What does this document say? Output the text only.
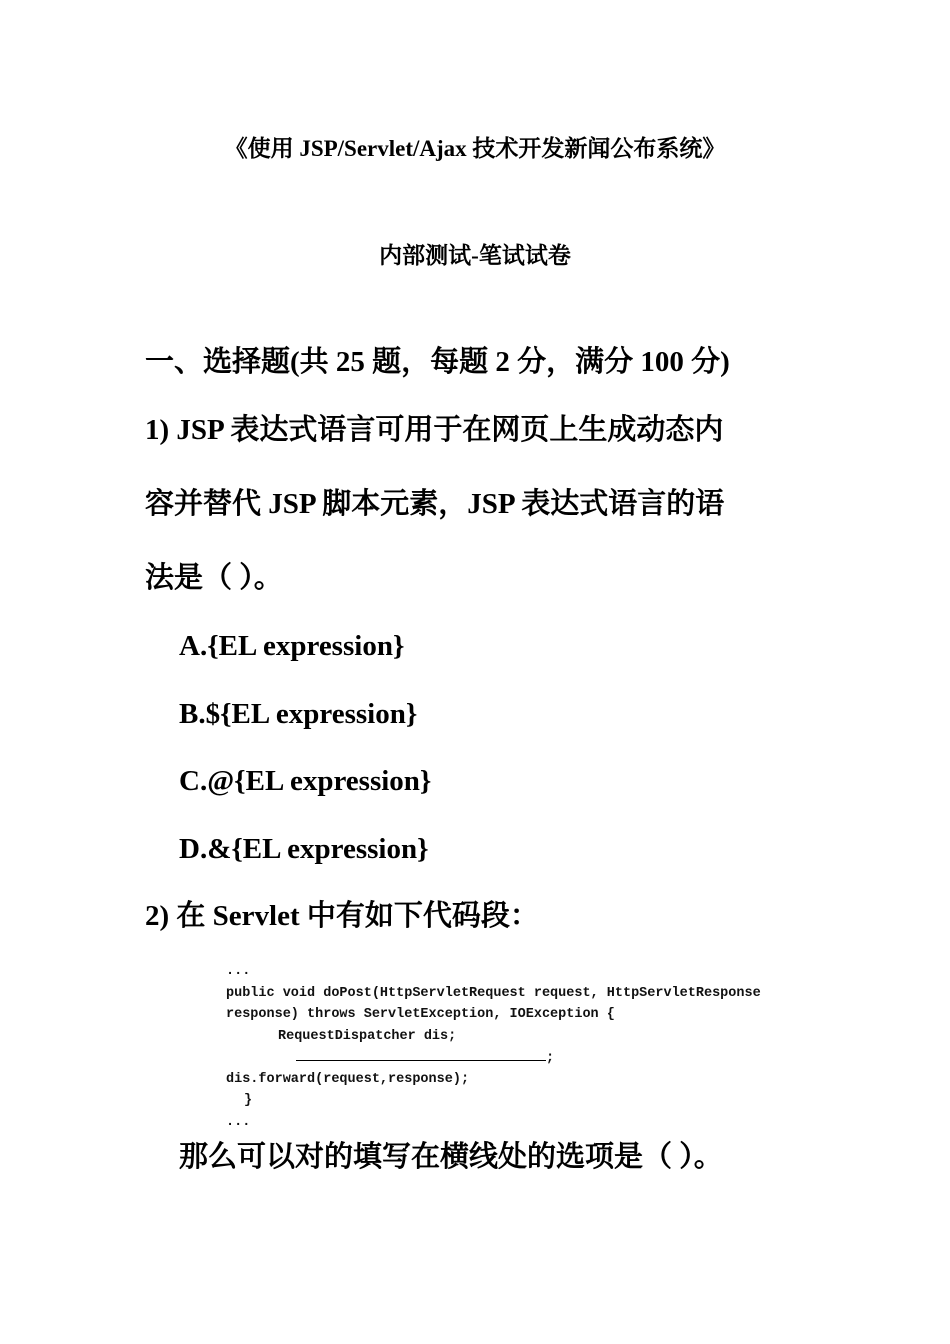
《使用 JSP/Servlet/Ajax 技术开发新闻公布系统》
内部测试-笔试试卷
一、选择题(共 25 题，每题 2 分，满分 100 分)
1) JSP 表达式语言可用于在网页上生成动态内
容并替代 JSP 脚本元素，JSP 表达式语言的语
法是（ ）。
A.{EL expression}
B.${EL expression}
C.@{EL expression}
D.&{EL expression}
2) 在 Servlet 中有如下代码段：
...
public void doPost(HttpServletRequest request, HttpServletResponse
response) throws ServletException, IOException {
RequestDispatcher dis;
;
dis.forward(request,response);
}
...
那么可以对的填写在横线处的选项是（ ）。
